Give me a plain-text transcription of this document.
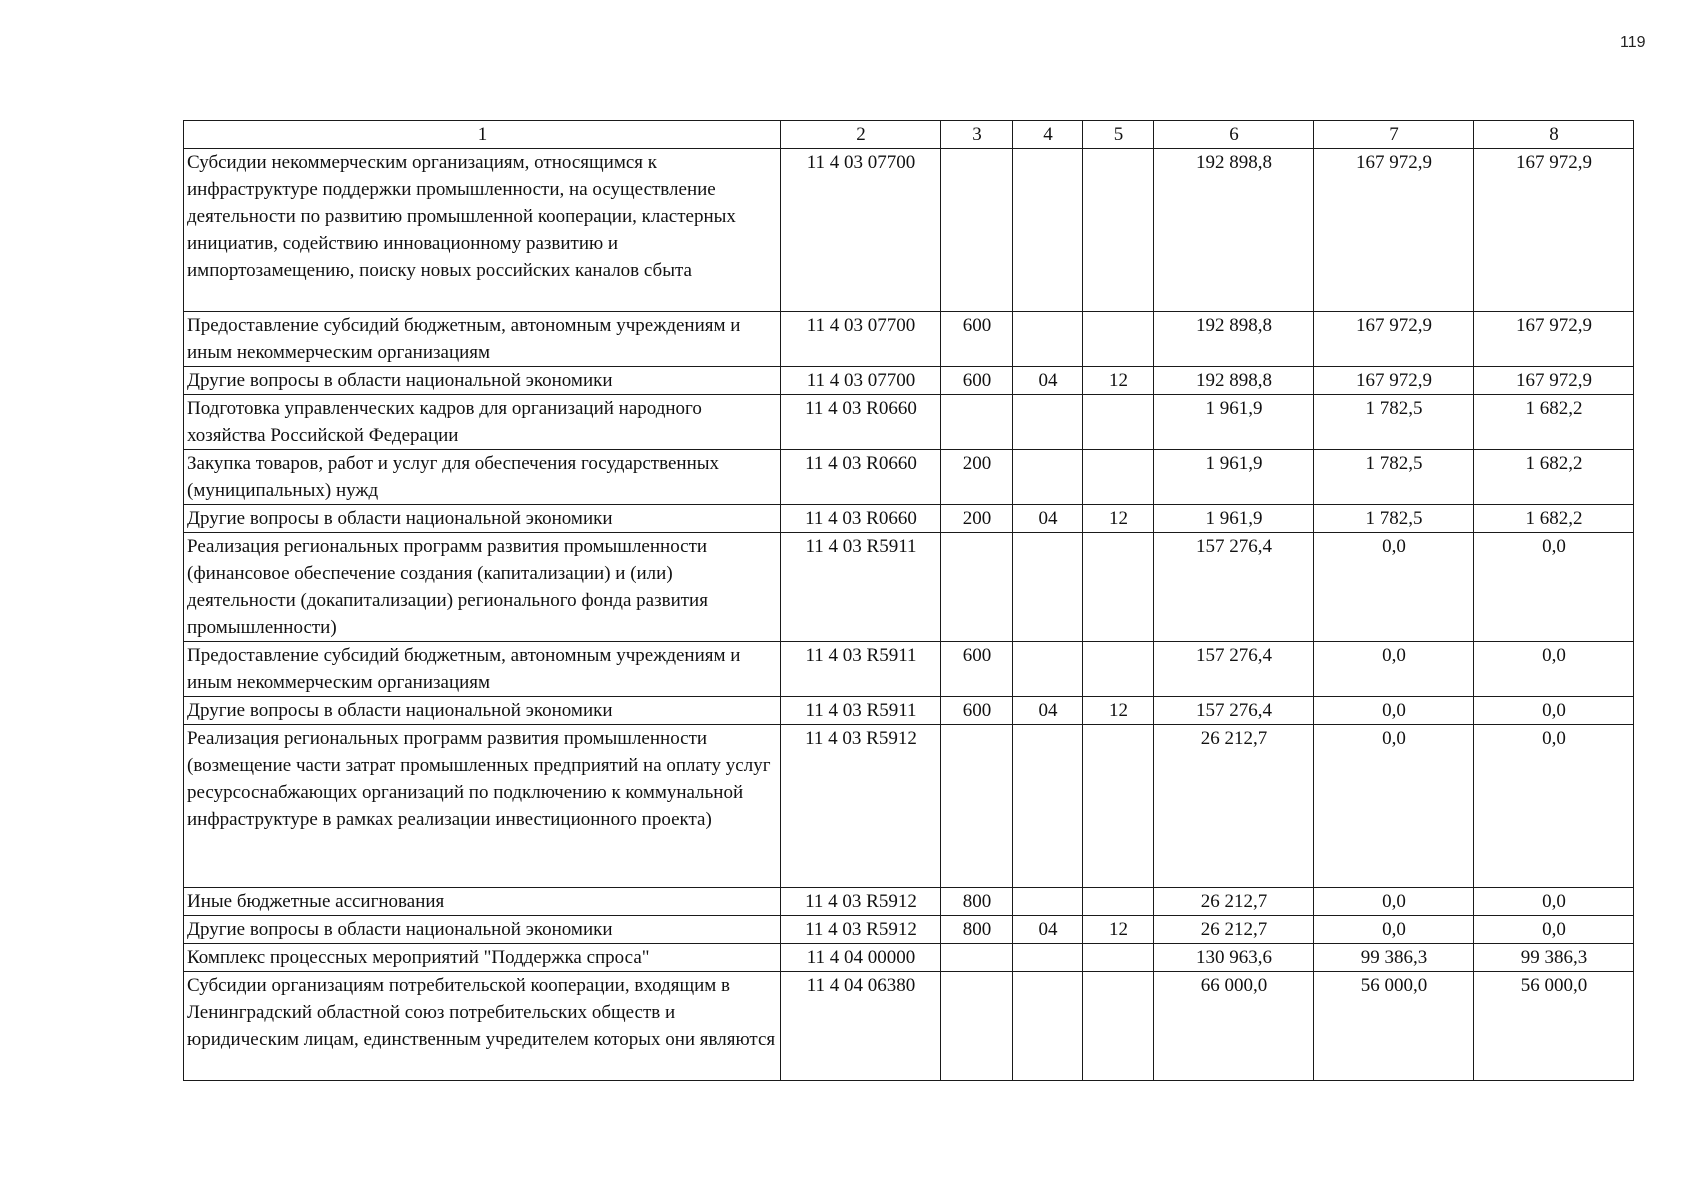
119
1	2	3	4	5	6	7	8
Субсидии некоммерческим организациям, относящимся к инфраструктуре поддержки промышленности, на осуществление деятельности по развитию промышленной кооперации, кластерных инициатив, содействию инновационному развитию и импортозамещению, поиску новых российских каналов сбыта	11 4 03 07700				192 898,8	167 972,9	167 972,9
Предоставление субсидий бюджетным, автономным учреждениям и иным некоммерческим организациям	11 4 03 07700	600			192 898,8	167 972,9	167 972,9
Другие вопросы в области национальной экономики	11 4 03 07700	600	04	12	192 898,8	167 972,9	167 972,9
Подготовка управленческих кадров для организаций народного хозяйства Российской Федерации	11 4 03 R0660				1 961,9	1 782,5	1 682,2
Закупка товаров, работ и услуг для обеспечения государственных (муниципальных) нужд	11 4 03 R0660	200			1 961,9	1 782,5	1 682,2
Другие вопросы в области национальной экономики	11 4 03 R0660	200	04	12	1 961,9	1 782,5	1 682,2
Реализация региональных программ развития промышленности (финансовое обеспечение создания (капитализации) и (или) деятельности (докапитализации) регионального фонда развития промышленности)	11 4 03 R5911				157 276,4	0,0	0,0
Предоставление субсидий бюджетным, автономным учреждениям и иным некоммерческим организациям	11 4 03 R5911	600			157 276,4	0,0	0,0
Другие вопросы в области национальной экономики	11 4 03 R5911	600	04	12	157 276,4	0,0	0,0
Реализация региональных программ развития промышленности (возмещение части затрат промышленных предприятий на оплату услуг ресурсоснабжающих организаций по подключению к коммунальной инфраструктуре в рамках реализации инвестиционного проекта)	11 4 03 R5912				26 212,7	0,0	0,0
Иные бюджетные ассигнования	11 4 03 R5912	800			26 212,7	0,0	0,0
Другие вопросы в области национальной экономики	11 4 03 R5912	800	04	12	26 212,7	0,0	0,0
Комплекс процессных мероприятий "Поддержка спроса"	11 4 04 00000				130 963,6	99 386,3	99 386,3
Субсидии организациям потребительской кооперации, входящим в Ленинградский областной союз потребительских обществ и юридическим лицам, единственным учредителем которых они являются	11 4 04 06380				66 000,0	56 000,0	56 000,0
